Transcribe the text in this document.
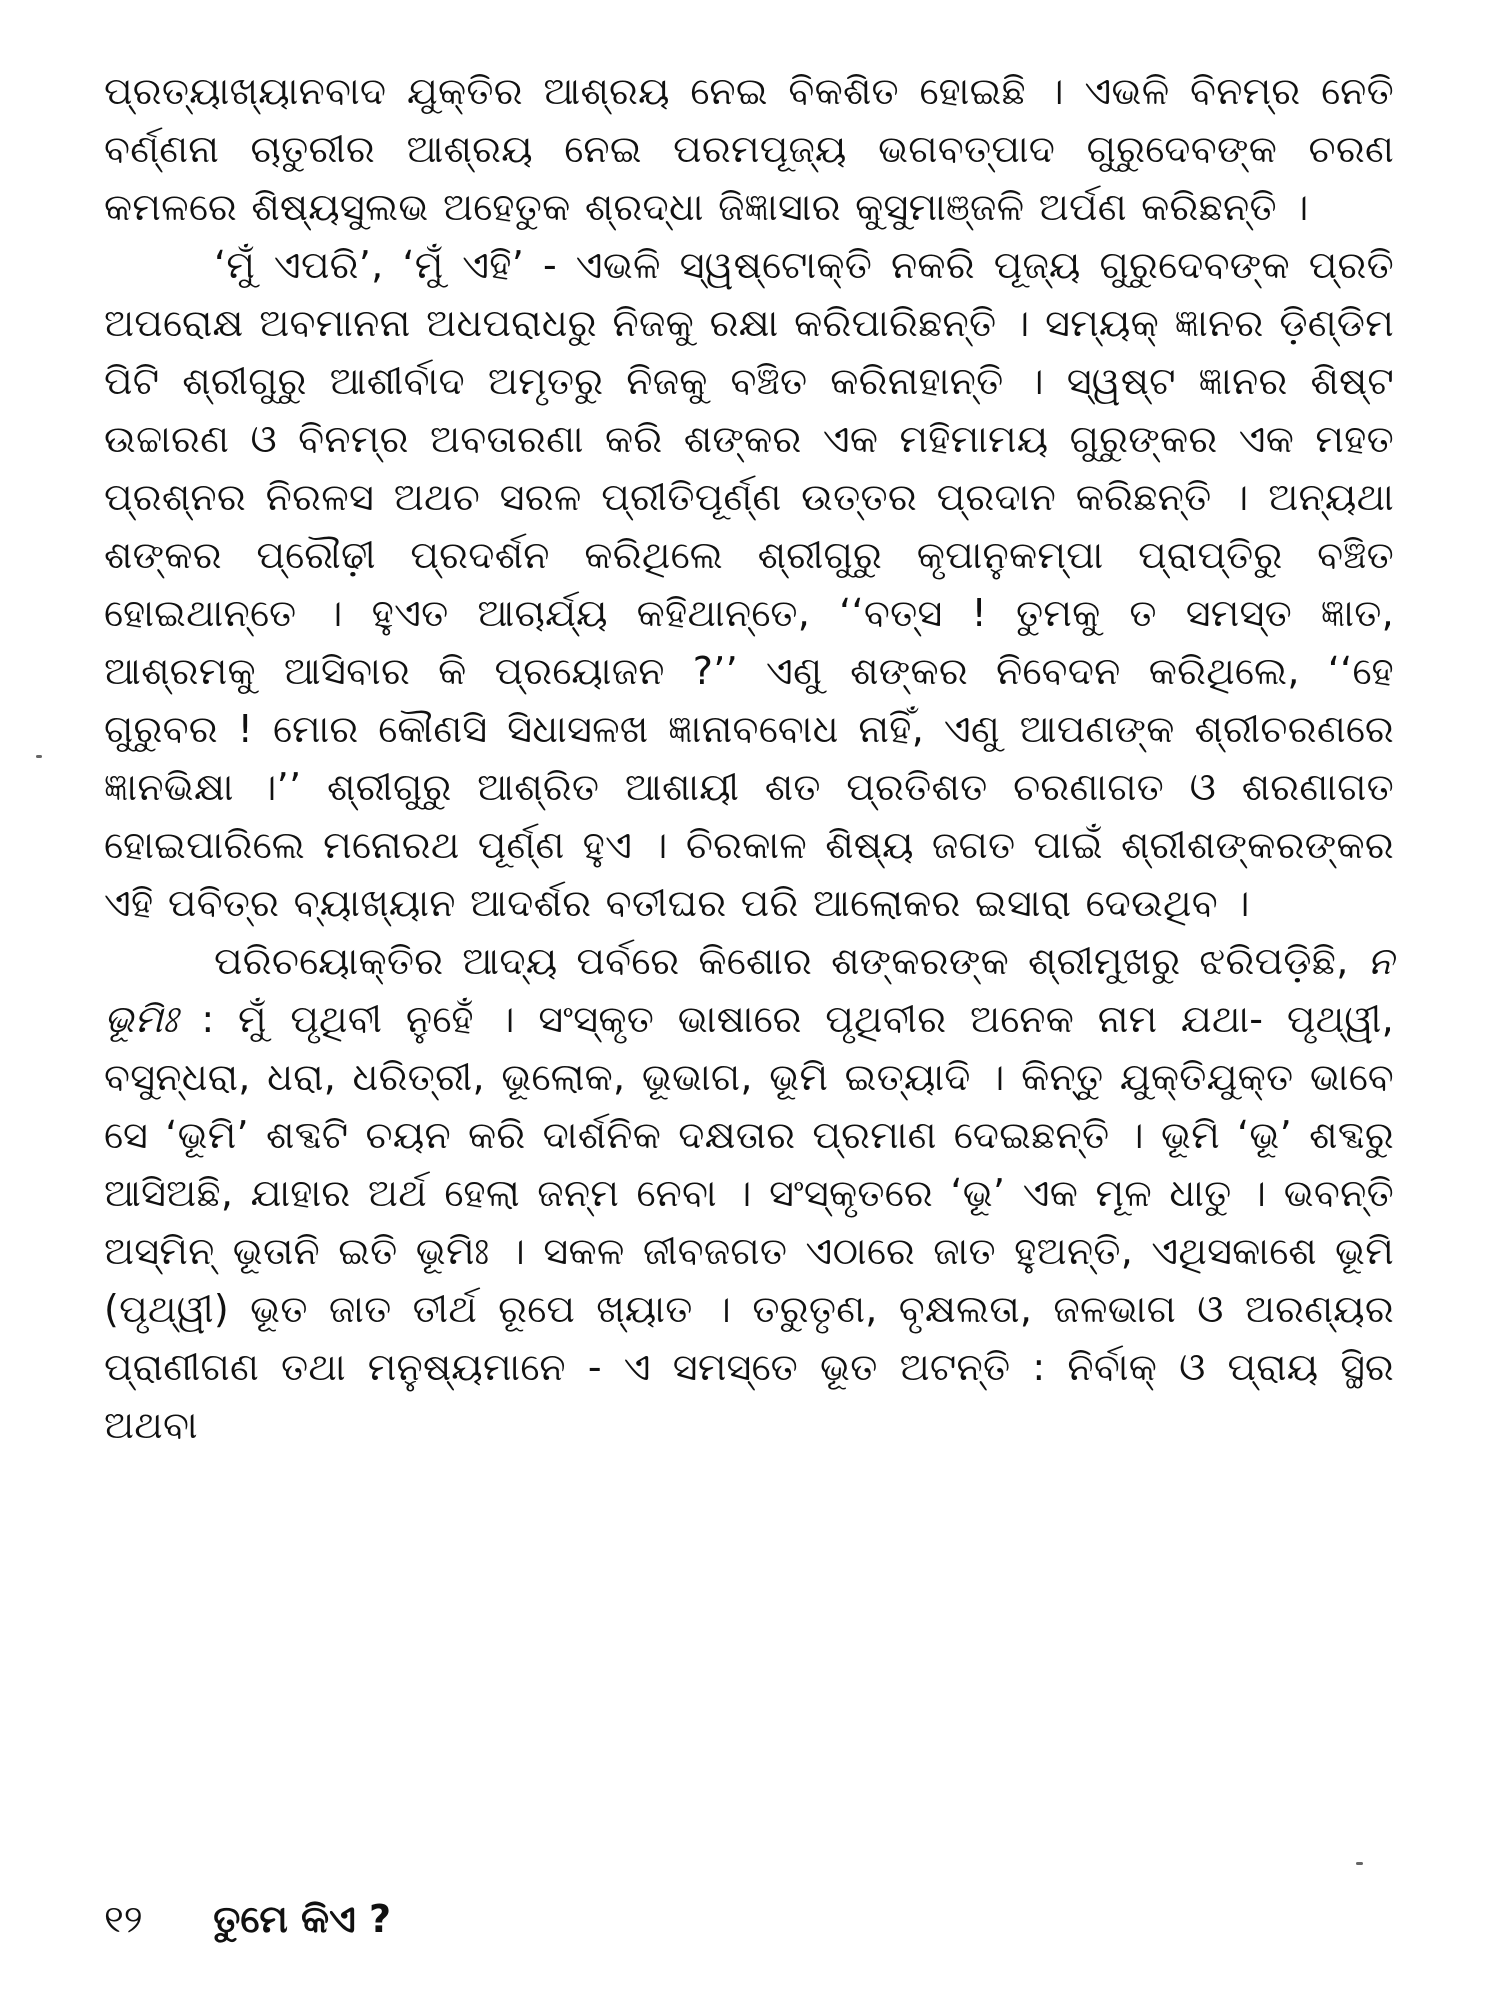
ପ୍ରତ୍ୟାଖ୍ୟାନବାଦ ଯୁକ୍ତିର ଆଶ୍ରୟ ନେଇ ବିକଶିତ ହୋଇଛି । ଏଭଳି ବିନମ୍ର ନେତି ବର୍ଣ୍ଣନା ଚାତୁରୀର ଆଶ୍ରୟ ନେଇ ପରମପୂଜ୍ୟ ଭଗବତ୍‌ପାଦ ଗୁରୁଦେବଙ୍କ ଚରଣ କମଳରେ ଶିଷ୍ୟସୁଲଭ ଅହେତୁକ ଶ୍ରଦ୍ଧା ଜିଜ୍ଞାସାର କୁସୁମାଞ୍ଜଳି ଅର୍ପଣ କରିଛନ୍ତି ।

‘ମୁଁ ଏପରି’, ‘ମୁଁ ଏହି’ - ଏଭଳି ସ୍ୱଷ୍ଟୋକ୍ତି ନକରି ପୂଜ୍ୟ ଗୁରୁଦେବଙ୍କ ପ୍ରତି ଅପରୋକ୍ଷ ଅବମାନନା ଅଧପରାଧରୁ ନିଜକୁ ରକ୍ଷା କରିପାରିଛନ୍ତି । ସମ୍ୟକ୍ ଜ୍ଞାନର ଡ଼ିଣ୍ଡିମ ପିଟି ଶ୍ରୀଗୁରୁ ଆଶୀର୍ବାଦ ଅମୃତରୁ ନିଜକୁ ବଞ୍ଚିତ କରିନାହାନ୍ତି । ସ୍ୱଷ୍ଟ ଜ୍ଞାନର ଶିଷ୍ଟ ଉଚ୍ଚାରଣ ଓ ବିନମ୍ର ଅବତାରଣା କରି ଶଙ୍କର ଏକ ମହିମାମୟ ଗୁରୁଙ୍କର ଏକ ମହତ ପ୍ରଶ୍ନର ନିରଳସ ଅଥଚ ସରଳ ପ୍ରୀତିପୂର୍ଣ୍ଣ ଉତ୍ତର ପ୍ରଦାନ କରିଛନ୍ତି । ଅନ୍ୟଥା ଶଙ୍କର ପ୍ରୌଢ଼ୀ ପ୍ରଦର୍ଶନ କରିଥିଲେ ଶ୍ରୀଗୁରୁ କୃପାନୁକମ୍ପା ପ୍ରାପ୍ତିରୁ ବଞ୍ଚିତ ହୋଇଥାନ୍ତେ । ହୁଏତ ଆଚାର୍ଯ୍ୟ କହିଥାନ୍ତେ, ‘‘ବତ୍ସ ! ତୁମକୁ ତ ସମସ୍ତ ଜ୍ଞାତ, ଆଶ୍ରମକୁ ଆସିବାର କି ପ୍ରୟୋଜନ ?’’ ଏଣୁ ଶଙ୍କର ନିବେଦନ କରିଥିଲେ, ‘‘ହେ ଗୁରୁବର ! ମୋର କୌଣସି ସିଧାସଳଖ ଜ୍ଞାନାବବୋଧ ନାହିଁ, ଏଣୁ ଆପଣଙ୍କ ଶ୍ରୀଚରଣରେ ଜ୍ଞାନଭିକ୍ଷା ।’’ ଶ୍ରୀଗୁରୁ ଆଶ୍ରିତ ଆଶାୟୀ ଶତ ପ୍ରତିଶତ ଚରଣାଗତ ଓ ଶରଣାଗତ ହୋଇପାରିଲେ ମନୋରଥ ପୂର୍ଣ୍ଣ ହୁଏ । ଚିରକାଳ ଶିଷ୍ୟ ଜଗତ ପାଇଁ ଶ୍ରୀଶଙ୍କରଙ୍କର ଏହି ପବିତ୍ର ବ୍ୟାଖ୍ୟାନ ଆଦର୍ଶର ବତୀଘର ପରି ଆଲୋକର ଇସାରା ଦେଉଥିବ ।

ପରିଚୟୋକ୍ତିର ଆଦ୍ୟ ପର୍ବରେ କିଶୋର ଶଙ୍କରଙ୍କ ଶ୍ରୀମୁଖରୁ ଝରିପଡ଼ିଛି, ନ ଭୂମିଃ : ମୁଁ ପୃଥିବୀ ନୁହେଁ । ସଂସ୍କୃତ ଭାଷାରେ ପୃଥିବୀର ଅନେକ ନାମ ଯଥା- ପୃଥ୍ୱୀ, ବସୁନ୍ଧରା, ଧରା, ଧରିତ୍ରୀ, ଭୂଲୋକ, ଭୂଭାଗ, ଭୂମି ଇତ୍ୟାଦି । କିନ୍ତୁ ଯୁକ୍ତିଯୁକ୍ତ ଭାବେ ସେ ‘ଭୂମି’ ଶବ୍ଦଟି ଚୟନ କରି ଦାର୍ଶନିକ ଦକ୍ଷତାର ପ୍ରମାଣ ଦେଇଛନ୍ତି । ଭୂମି ‘ଭୂ’ ଶବ୍ଦରୁ ଆସିଅଛି, ଯାହାର ଅର୍ଥ ହେଲା ଜନ୍ମ ନେବା । ସଂସ୍କୃତରେ ‘ଭୂ’ ଏକ ମୂଳ ଧାତୁ । ଭବନ୍ତି ଅସ୍ମିନ୍ ଭୂତାନି ଇତି ଭୂମିଃ । ସକଳ ଜୀବଜଗତ ଏଠାରେ ଜାତ ହୁଅନ୍ତି, ଏଥିସକାଶେ ଭୂମି (ପୃଥ୍ୱୀ) ଭୂତ ଜାତ ତୀର୍ଥ ରୂପେ ଖ୍ୟାତ । ତରୁତୃଣ, ବୃକ୍ଷଲତା, ଜଳଭାଗ ଓ ଅରଣ୍ୟର ପ୍ରାଣୀଗଣ ତଥା ମନୁଷ୍ୟମାନେ - ଏ ସମସ୍ତେ ଭୂତ ଅଟନ୍ତି : ନିର୍ବାକ୍ ଓ ପ୍ରାୟ ସ୍ଥିର ଅଥବା

୧୨ ତୁମେ କିଏ ?
